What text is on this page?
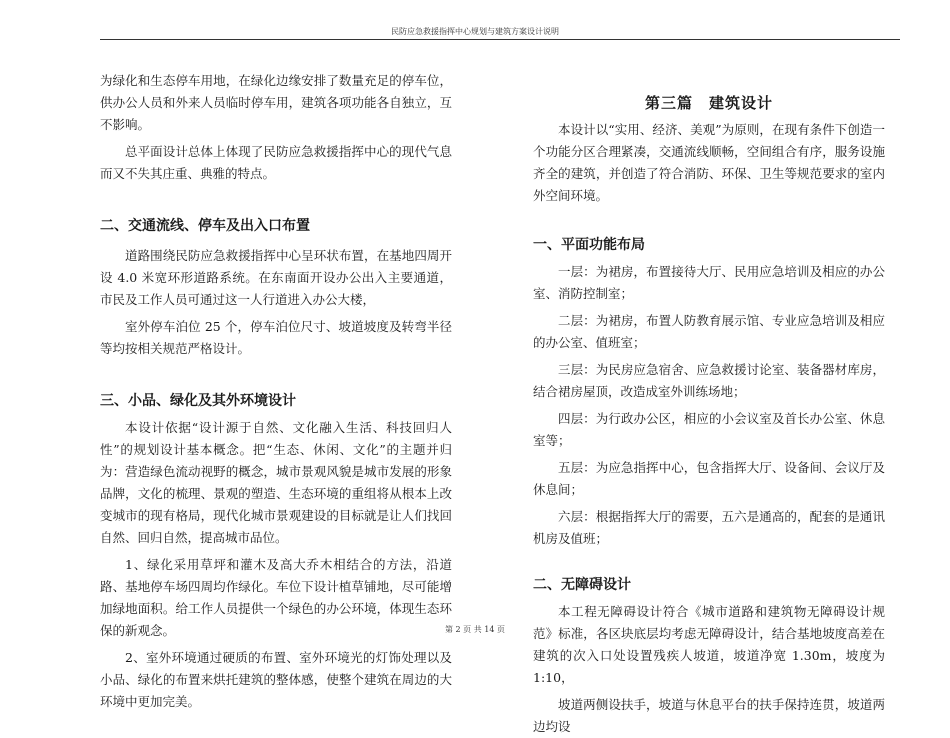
民防应急救援指挥中心规划与建筑方案设计说明

为绿化和生态停车用地，在绿化边缘安排了数量充足的停车位，供办公人员和外来人员临时停车用，建筑各项功能各自独立，互不影响。

总平面设计总体上体现了民防应急救援指挥中心的现代气息而又不失其庄重、典雅的特点。

二、交通流线、停车及出入口布置

道路围绕民防应急救援指挥中心呈环状布置，在基地四周开设 4.0 米宽环形道路系统。在东南面开设办公出入主要通道，市民及工作人员可通过这一人行道进入办公大楼，

室外停车泊位 25 个，停车泊位尺寸、坡道坡度及转弯半径等均按相关规范严格设计。

三、小品、绿化及其外环境设计

本设计依据“设计源于自然、文化融入生活、科技回归人性”的规划设计基本概念。把“生态、休闲、文化”的主题并归为：营造绿色流动视野的概念，城市景观风貌是城市发展的形象品牌，文化的梳理、景观的塑造、生态环境的重组将从根本上改变城市的现有格局，现代化城市景观建设的目标就是让人们找回自然、回归自然，提高城市品位。

1、绿化采用草坪和灌木及高大乔木相结合的方法，沿道路、基地停车场四周均作绿化。车位下设计植草铺地，尽可能增加绿地面积。给工作人员提供一个绿色的办公环境，体现生态环保的新观念。

2、室外环境通过硬质的布置、室外环境光的灯饰处理以及小品、绿化的布置来烘托建筑的整体感，使整个建筑在周边的大环境中更加完美。

第三篇　建筑设计

本设计以“实用、经济、美观”为原则，在现有条件下创造一个功能分区合理紧凑，交通流线顺畅，空间组合有序，服务设施齐全的建筑，并创造了符合消防、环保、卫生等规范要求的室内外空间环境。

一、平面功能布局

一层：为裙房，布置接待大厅、民用应急培训及相应的办公室、消防控制室；

二层：为裙房，布置人防教育展示馆、专业应急培训及相应的办公室、值班室；

三层：为民房应急宿舍、应急救援讨论室、装备器材库房，结合裙房屋顶，改造成室外训练场地；

四层：为行政办公区，相应的小会议室及首长办公室、休息室等；

五层：为应急指挥中心，包含指挥大厅、设备间、会议厅及休息间；

六层：根据指挥大厅的需要，五六是通高的，配套的是通讯机房及值班；

二、无障碍设计

本工程无障碍设计符合《城市道路和建筑物无障碍设计规范》标准，各区块底层均考虑无障碍设计，结合基地坡度高差在建筑的次入口处设置残疾人坡道，坡道净宽 1.30m，坡度为 1:10，

坡道两侧设扶手，坡道与休息平台的扶手保持连贯，坡道两边均设

第 2 页 共 14 页
